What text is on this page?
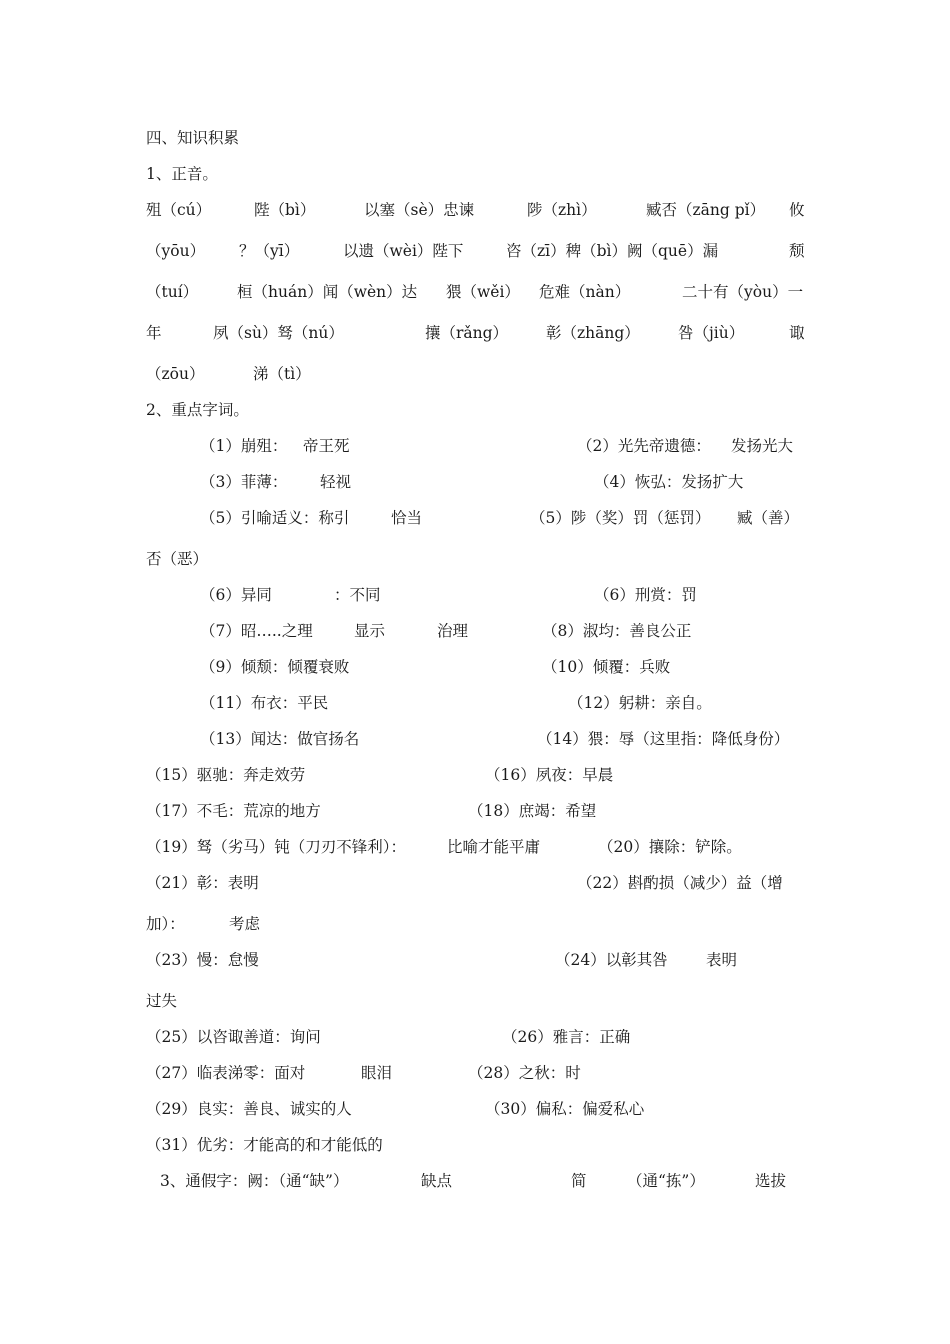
四、知识积累
1、正音。
殂（cú）	陛（bì）	以塞（sè）忠谏	陟（zhì）	臧否（zāng pǐ） 攸
（yōu） ？（yī）	以遗（wèi）陛下	咨（zī）稗（bì）阙（quē）漏	颓
（tuí）	桓（huán）闻（wèn）达 猥（wěi） 危难（nàn）	二十有（yòu）一
年	夙（sù）驽（nú）	攘（rǎng） 彰（zhāng） 咎（jiù）	诹
（zōu）	涕（tì）
2、重点字词。
（1）崩殂： 帝王死	（2）光先帝遗德： 发扬光大
（3）菲薄： 轻视	（4）恢弘：发扬扩大
（5）引喻适义：称引	恰当	（5）陟（奖）罚（惩罚） 臧（善）
否（恶）
（6）异同	：不同	（6）刑赏：罚
（7）昭…..之理	显示	治理	（8）淑均：善良公正
（9）倾颓：倾覆衰败	（10）倾覆：兵败
（11）布衣：平民	（12）躬耕：亲自。
（13）闻达：做官扬名	（14）猥：辱（这里指：降低身份）
（15）驱驰：奔走效劳	（16）夙夜：早晨
（17）不毛：荒凉的地方	（18）庶竭：希望
（19）驽（劣马）钝（刀刃不锋利）：	比喻才能平庸	（20）攘除：铲除。
（21）彰：表明	（22）斟酌损（减少）益（增
加）：	考虑
（23）慢：怠慢	（24）以彰其咎 表明
过失
（25）以咨诹善道：询问	（26）雅言：正确
（27）临表涕零：面对	眼泪	（28）之秋：时
（29）良实：善良、诚实的人	（30）偏私：偏爱私心
（31）优劣：才能高的和才能低的
3、通假字：阙：（通“缺”）	缺点	简	（通“拣”）	选拔
